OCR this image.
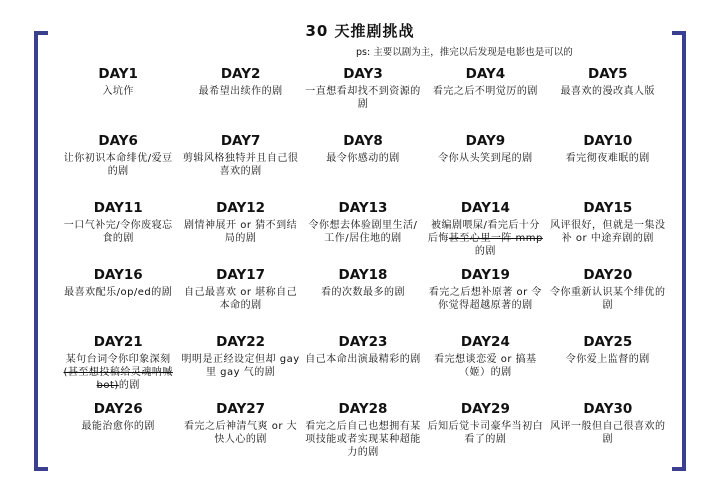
30 天推剧挑战
ps: 主要以剧为主，推完以后发现是电影也是可以的
DAY1
入坑作
DAY2
最希望出续作的剧
DAY3
一直想看却找不到资源的剧
DAY4
看完之后不明觉厉的剧
DAY5
最喜欢的漫改真人版
DAY6
让你初识本命绯优/爱豆的剧
DAY7
剪辑风格独特并且自己很喜欢的剧
DAY8
最令你感动的剧
DAY9
令你从头笑到尾的剧
DAY10
看完彻夜难眠的剧
DAY11
一口气补完/令你废寝忘食的剧
DAY12
剧情神展开 or 猜不到结局的剧
DAY13
令你想去体验剧里生活/工作/居住地的剧
DAY14
被编剧喂屎/看完后十分后悔甚至心里一阵 mmp的剧
DAY15
风评很好，但就是一集没补 or 中途弃剧的剧
DAY16
最喜欢配乐/op/ed的剧
DAY17
自己最喜欢 or 堪称自己本命的剧
DAY18
看的次数最多的剧
DAY19
看完之后想补原著 or 令你觉得超越原著的剧
DAY20
令你重新认识某个绯优的剧
DAY21
某句台词令你印象深刻(甚至想投稿给灵魂呐喊 bot)的剧
DAY22
明明是正经设定但却 gay 里 gay 气的剧
DAY23
自己本命出演最精彩的剧
DAY24
看完想谈恋爱 or 搞基（姬）的剧
DAY25
令你爱上监督的剧
DAY26
最能治愈你的剧
DAY27
看完之后神清气爽 or 大快人心的剧
DAY28
看完之后自己也想拥有某项技能或者实现某种超能力的剧
DAY29
后知后觉卡司豪华当初白看了的剧
DAY30
风评一般但自己很喜欢的剧
